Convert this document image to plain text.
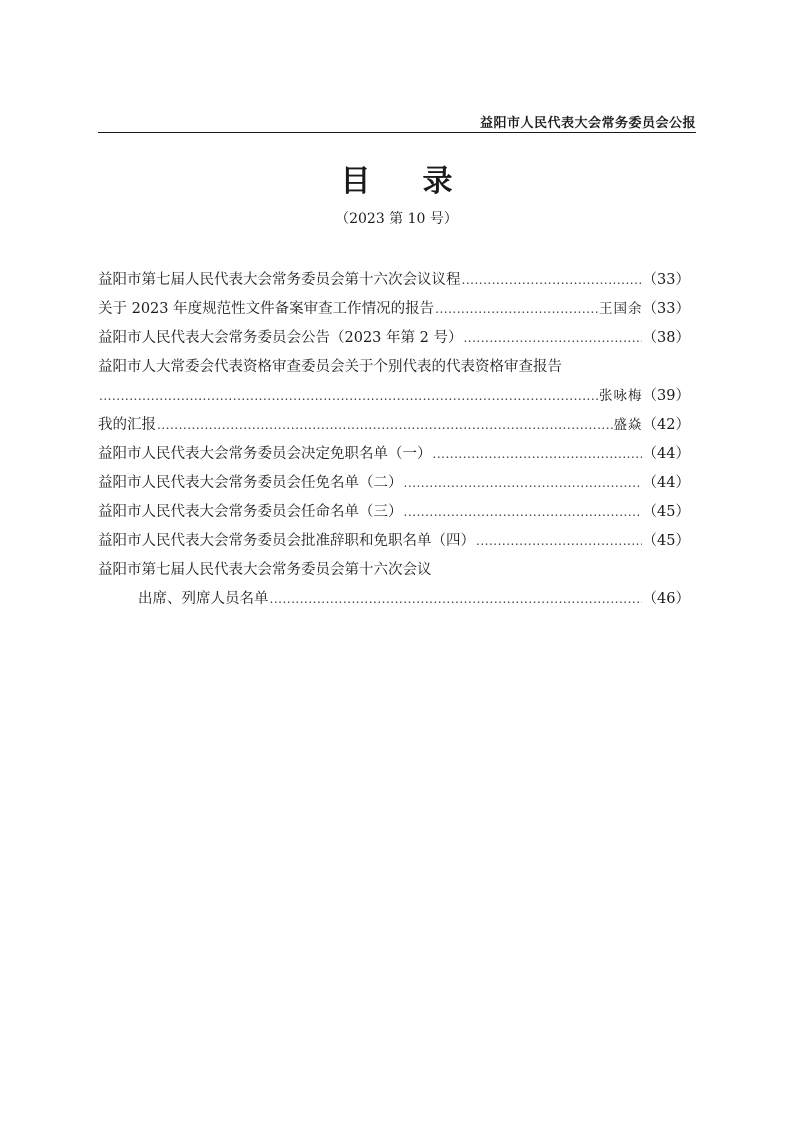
益阳市人民代表大会常务委员会公报
目录
（2023 第 10 号）
益阳市第七届人民代表大会常务委员会第十六次会议议程 .....	（33）
关于 2023 年度规范性文件备案审查工作情况的报告 .....	王国余 （33）
益阳市人民代表大会常务委员会公告（2023 年第 2 号） .....	（38）
益阳市人大常委会代表资格审查委员会关于个别代表的代表资格审查报告
.....
张咏梅 （39）
我的汇报 .....	盛焱 （42）
益阳市人民代表大会常务委员会决定免职名单（一） .....	（44）
益阳市人民代表大会常务委员会任免名单（二） .....	（44）
益阳市人民代表大会常务委员会任命名单（三） .....	（45）
益阳市人民代表大会常务委员会批准辞职和免职名单（四） .....	（45）
益阳市第七届人民代表大会常务委员会第十六次会议
出席、列席人员名单 .....	（46）
